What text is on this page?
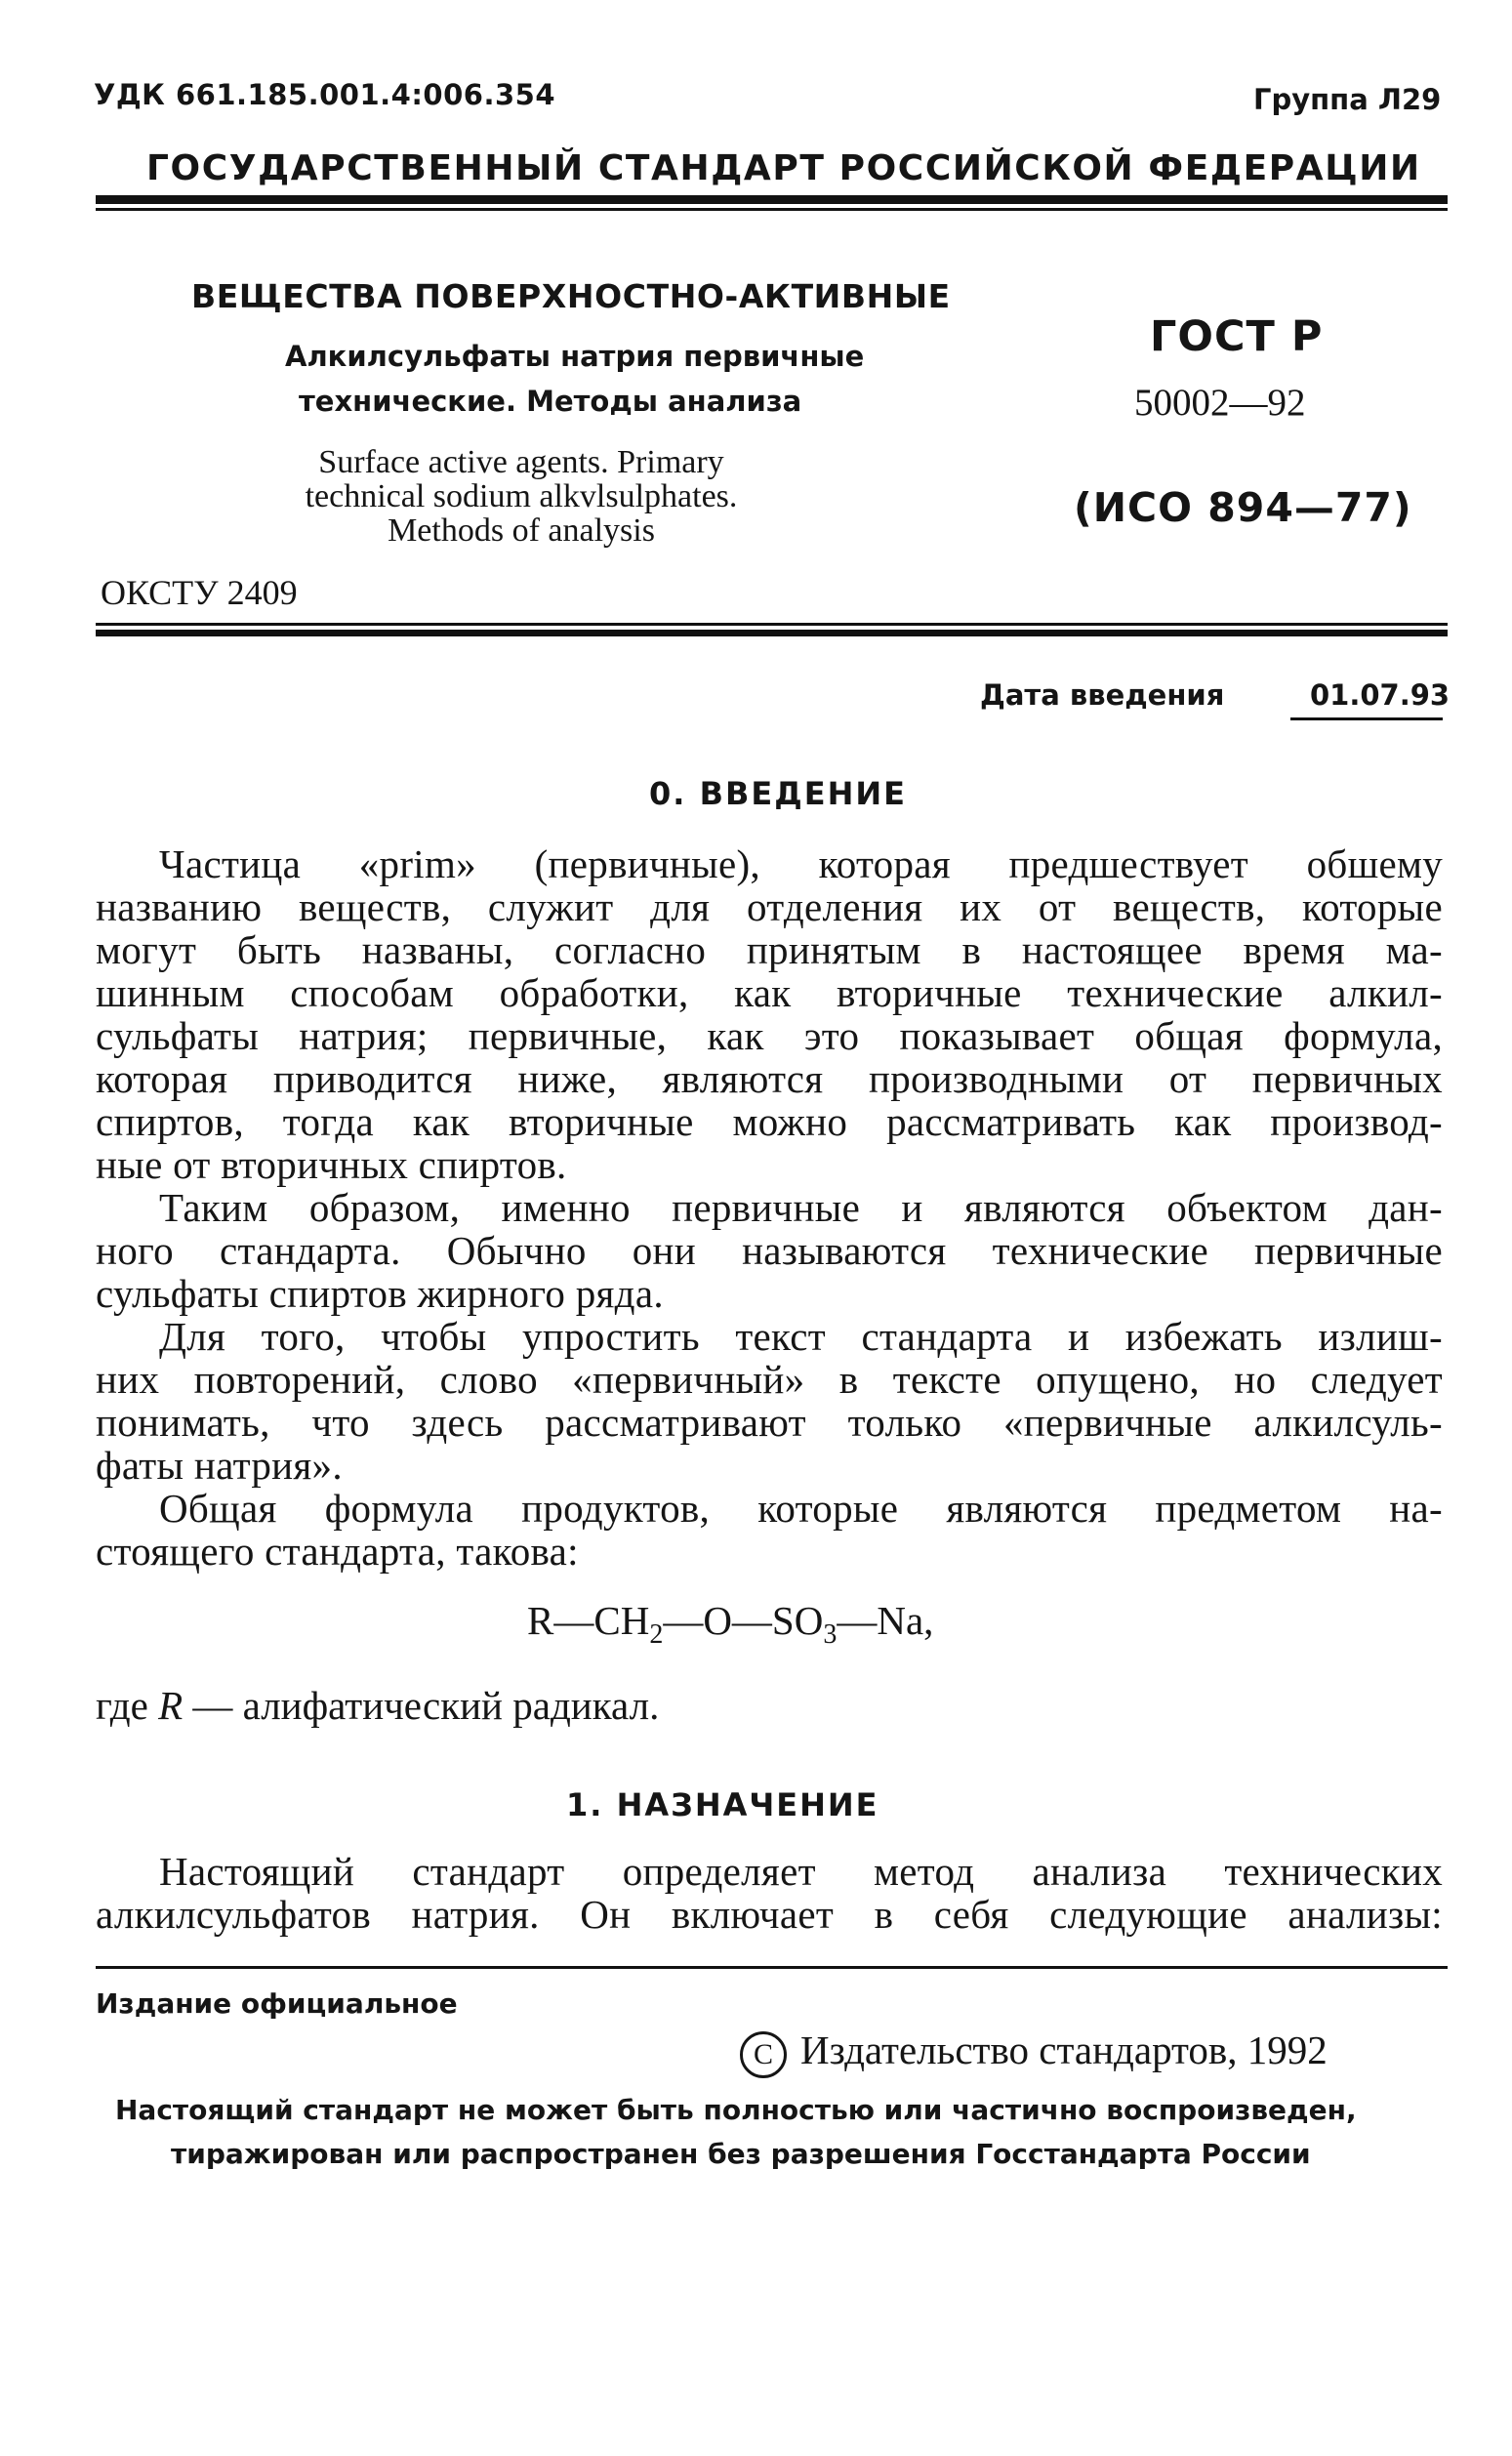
УДК 661.185.001.4:006.354	Группа Л29
ГОСУДАРСТВЕННЫЙ СТАНДАРТ РОССИЙСКОЙ ФЕДЕРАЦИИ
ВЕЩЕСТВА ПОВЕРХНОСТНО-АКТИВНЫЕ
Алкилсульфаты натрия первичные
технические. Методы анализа
Surface active agents. Primary
technical sodium alkvlsulphates.
Methods of analysis
ГОСТ Р
50002—92
(ИСО 894—77)
ОКСТУ 2409
Дата введения	01.07.93
0. ВВЕДЕНИЕ
Частица «prim» (первичные), которая предшествует обшему
названию веществ, служит для отделения их от веществ, которые
могут быть названы, согласно принятым в настоящее время ма-
шинным способам обработки, как вторичные технические алкил-
сульфаты натрия; первичные, как это показывает общая формула,
которая приводится ниже, являются производными от первичных
спиртов, тогда как вторичные можно рассматривать как производ-
ные от вторичных спиртов.
Таким образом, именно первичные и являются объектом дан-
ного стандарта. Обычно они называются технические первичные
сульфаты спиртов жирного ряда.
Для того, чтобы упростить текст стандарта и избежать излиш-
них повторений, слово «первичный» в тексте опущено, но следует
понимать, что здесь рассматривают только «первичные алкилсуль-
фаты натрия».
Общая формула продуктов, которые являются предметом на-
стоящего стандарта, такова:
$R—CH_2—O—SO_3—Na$,
где R — алифатический радикал.
1. НАЗНАЧЕНИЕ
Настоящий стандарт определяет метод анализа технических
алкилсульфатов натрия. Он включает в себя следующие анализы:
Издание официальное
C Издательство стандартов, 1992
Настоящий стандарт не может быть полностью или частично воспроизведен,
тиражирован или распространен без разрешения Госстандарта России
